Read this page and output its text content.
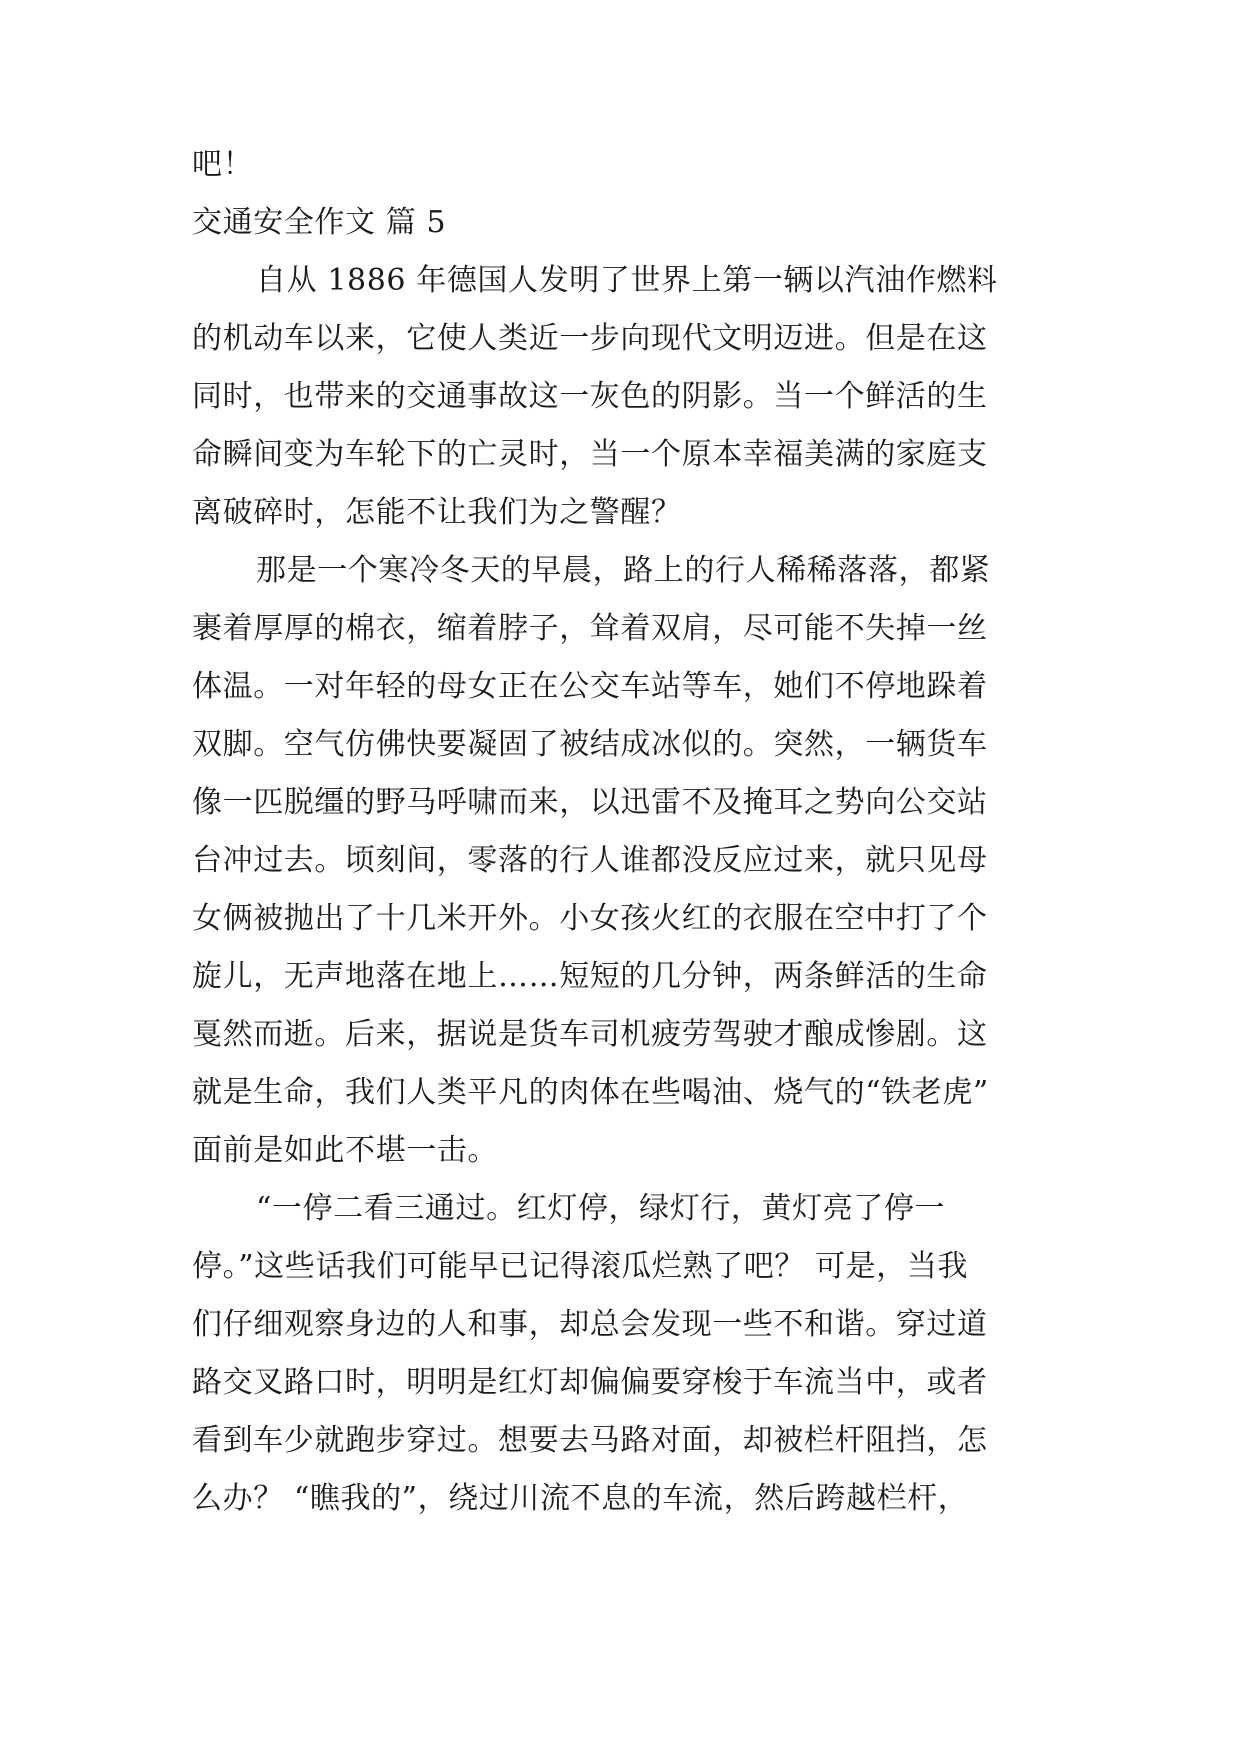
吧！
交通安全作文 篇 5
自从 1886 年德国人发明了世界上第一辆以汽油作燃料
的机动车以来，它使人类近一步向现代文明迈进。但是在这
同时，也带来的交通事故这一灰色的阴影。当一个鲜活的生
命瞬间变为车轮下的亡灵时，当一个原本幸福美满的家庭支
离破碎时，怎能不让我们为之警醒？
那是一个寒冷冬天的早晨，路上的行人稀稀落落，都紧
裹着厚厚的棉衣，缩着脖子，耸着双肩，尽可能不失掉一丝
体温。一对年轻的母女正在公交车站等车，她们不停地跺着
双脚。空气仿佛快要凝固了被结成冰似的。突然，一辆货车
像一匹脱缰的野马呼啸而来，以迅雷不及掩耳之势向公交站
台冲过去。顷刻间，零落的行人谁都没反应过来，就只见母
女俩被抛出了十几米开外。小女孩火红的衣服在空中打了个
旋儿，无声地落在地上……短短的几分钟，两条鲜活的生命
戛然而逝。后来，据说是货车司机疲劳驾驶才酿成惨剧。这
就是生命，我们人类平凡的肉体在些喝油、烧气的“铁老虎”
面前是如此不堪一击。
“一停二看三通过。红灯停，绿灯行，黄灯亮了停一
停。”这些话我们可能早已记得滚瓜烂熟了吧？ 可是，当我
们仔细观察身边的人和事，却总会发现一些不和谐。穿过道
路交叉路口时，明明是红灯却偏偏要穿梭于车流当中，或者
看到车少就跑步穿过。想要去马路对面，却被栏杆阻挡，怎
么办？ “瞧我的”，绕过川流不息的车流，然后跨越栏杆，
